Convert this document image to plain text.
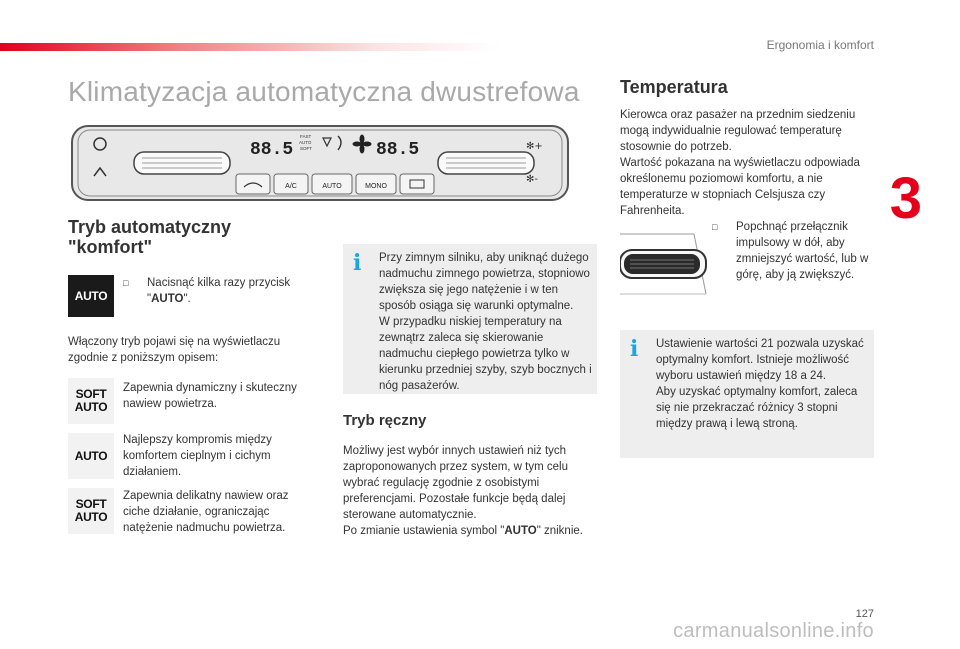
Ergonomia i komfort
3
Klimatyzacja automatyczna dwustrefowa
88.5	88.5
FAST
AUTO
SOFT	✻+
✻-
A/C	AUTO	MONO
Tryb automatyczny "komfort"
AUTO
□	Nacisnąć kilka razy przycisk "AUTO".
Włączony tryb pojawi się na wyświetlaczu zgodnie z poniższym opisem:
SOFT
AUTO
Zapewnia dynamiczny i skuteczny nawiew powietrza.
AUTO
Najlepszy kompromis między komfortem cieplnym i cichym działaniem.
SOFT
AUTO
Zapewnia delikatny nawiew oraz ciche działanie, ograniczając natężenie nadmuchu powietrza.
i Przy zimnym silniku, aby uniknąć dużego nadmuchu zimnego powietrza, stopniowo zwiększa się jego natężenie i w ten sposób osiąga się warunki optymalne.
W przypadku niskiej temperatury na zewnątrz zaleca się skierowanie nadmuchu ciepłego powietrza tylko w kierunku przedniej szyby, szyb bocznych i nóg pasażerów.
Tryb ręczny
Możliwy jest wybór innych ustawień niż tych zaproponowanych przez system, w tym celu wybrać regulację zgodnie z osobistymi preferencjami. Pozostałe funkcje będą dalej sterowane automatycznie.
Po zmianie ustawienia symbol "AUTO" zniknie.
Temperatura
Kierowca oraz pasażer na przednim siedzeniu mogą indywidualnie regulować temperaturę stosownie do potrzeb.
Wartość pokazana na wyświetlaczu odpowiada określonemu poziomowi komfortu, a nie temperaturze w stopniach Celsjusza czy Fahrenheita.
□	Popchnąć przełącznik impulsowy w dół, aby zmniejszyć wartość, lub w górę, aby ją zwiększyć.
i Ustawienie wartości 21 pozwala uzyskać optymalny komfort. Istnieje możliwość wyboru ustawień między 18 a 24.
Aby uzyskać optymalny komfort, zaleca się nie przekraczać różnicy 3 stopni między prawą i lewą stroną.
127
carmanualsonline.info
